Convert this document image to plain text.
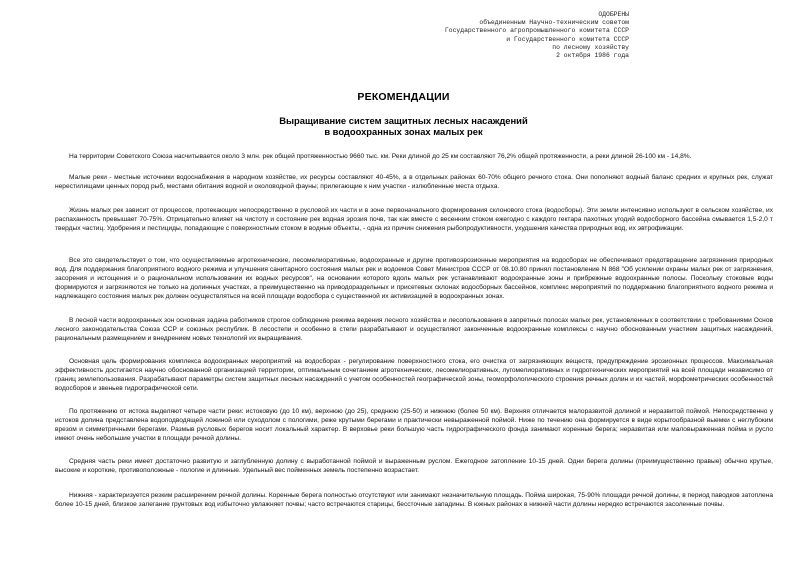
ОДОБРЕНЫ
объединенным Научно-техническим советом
Государственного агропромышленного комитета СССР
и Государственного комитета СССР
по лесному хозяйству
2 октября 1986 года
РЕКОМЕНДАЦИИ
Выращивание систем защитных лесных насаждений
в водоохранных зонах малых рек
На территории Советского Союза насчитывается около 3 млн. рек общей протяженностью 9660 тыс. км. Реки длиной до 25 км составляют 76,2% общей протяженности, а реки длиной 26-100 км - 14,8%.
Малые реки - местные источники водоснабжения в народном хозяйстве, их ресурсы составляют 40-45%, а в отдельных районах 60-70% общего речного стока. Они пополняют водный баланс средних и крупных рек, служат нерестилищами ценных пород рыб, местами обитания водной и околоводной фауны; прилегающие к ним участки - излюбленные места отдыха.
Жизнь малых рек зависит от процессов, протекающих непосредственно в русловой их части и в зоне первоначального формирования склонового стока (водосборы). Эти земли интенсивно используют в сельском хозяйстве, их распаханность превышает 70-75%. Отрицательно влияет на чистоту и состояние рек водная эрозия почв, так как вместе с весенним стоком ежегодно с каждого гектара пахотных угодий водосборного бассейна смывается 1,5-2,0 т твердых частиц. Удобрения и пестициды, попадающие с поверхностным стоком в водные объекты, - одна из причин снижения рыбопродуктивности, ухудшения качества природных вод, их эвтрофикации.
Все это свидетельствует о том, что осуществляемые агротехнические, лесомелиоративные, водоохранные и другие противоэрозионные мероприятия на водосборах не обеспечивают предотвращение загрязнения природных вод. Для поддержания благоприятного водного режима и улучшения санитарного состояния малых рек и водоемов Совет Министров СССР от 08.10.80 принял постановление N 868 "Об усилении охраны малых рек от загрязнения, засорения и истощения и о рациональном использовании их водных ресурсов", на основании которого вдоль малых рек устанавливают водоохранные зоны и прибрежные водоохранные полосы. Поскольку стоковые воды формируются и загрязняются не только на долинных участках, а преимущественно на приводораздельных и присетевых склонах водосборных бассейнов, комплекс мероприятий по поддержанию благоприятного водного режима и надлежащего состояния малых рек должен осуществляться на всей площади водосбора с существенной их активизацией в водоохранных зонах.
В лесной части водоохранных зон основная задача работников строгое соблюдение режима ведения лесного хозяйства и лесопользования в запретных полосах малых рек, установленных в соответствии с требованиями Основ лесного законодательства Союза ССР и союзных республик. В лесостепи и особенно в степи разрабатывают и осуществляют законченные водоохранные комплексы с научно обоснованным участием защитных насаждений, рациональным размещением и внедрением новых технологий их выращивания.
Основная цель формирования комплекса водоохранных мероприятий на водосборах - регулирование поверхностного стока, его очистка от загрязняющих веществ, предупреждение эрозионных процессов. Максимальная эффективность достигается научно обоснованной организацией территории, оптимальным сочетанием агротехнических, лесомелиоративных, лугомелиоративных и гидротехнических мероприятий на всей площади независимо от границ землепользования. Разрабатывают параметры систем защитных лесных насаждений с учетом особенностей географической зоны, геоморфологического строения речных долин и их частей, морфометрических особенностей водосборов и звеньев гидрографической сети.
По протяжению от истока выделяют четыре части реки: истоковую (до 10 км), верхнюю (до 25), среднюю (25-50) и нижнюю (более 50 км). Верхняя отличается малоразвитой долиной и неразвитой поймой. Непосредственно у истоков долина представлена водоподводящей ложиной или суходолом с пологими, реже крутыми берегами и практически невыраженной поймой. Ниже по течению она формируется в виде корытообразной выемки с неглубоким врезом и симметричными берегами. Размыв русловых берегов носит локальный характер. В верховье реки большую часть гидрографического фонда занимают коренные берега; неразвитая или маловыраженная пойма и русло имеют очень небольшие участки в площади речной долины.
Средняя часть реки имеет достаточно развитую и заглубленную долину с выработанной поймой и выраженным руслом. Ежегодное затопление 10-15 дней. Одни берега долины (преимущественно правые) обычно крутые, высокие и короткие, противоположные - пологие и длинные. Удельный вес пойменных земель постепенно возрастает.
Нижняя - характеризуется резким расширением речной долины. Коренные берега полностью отсутствуют или занимают незначительную площадь. Пойма широкая, 75-90% площади речной долины, в период паводков затоплена более 10-15 дней, близкое залегание грунтовых вод избыточно увлажняет почвы; часто встречаются старицы, бессточные западины. В южных районах в нижней части долины нередко встречаются засоленные почвы.
